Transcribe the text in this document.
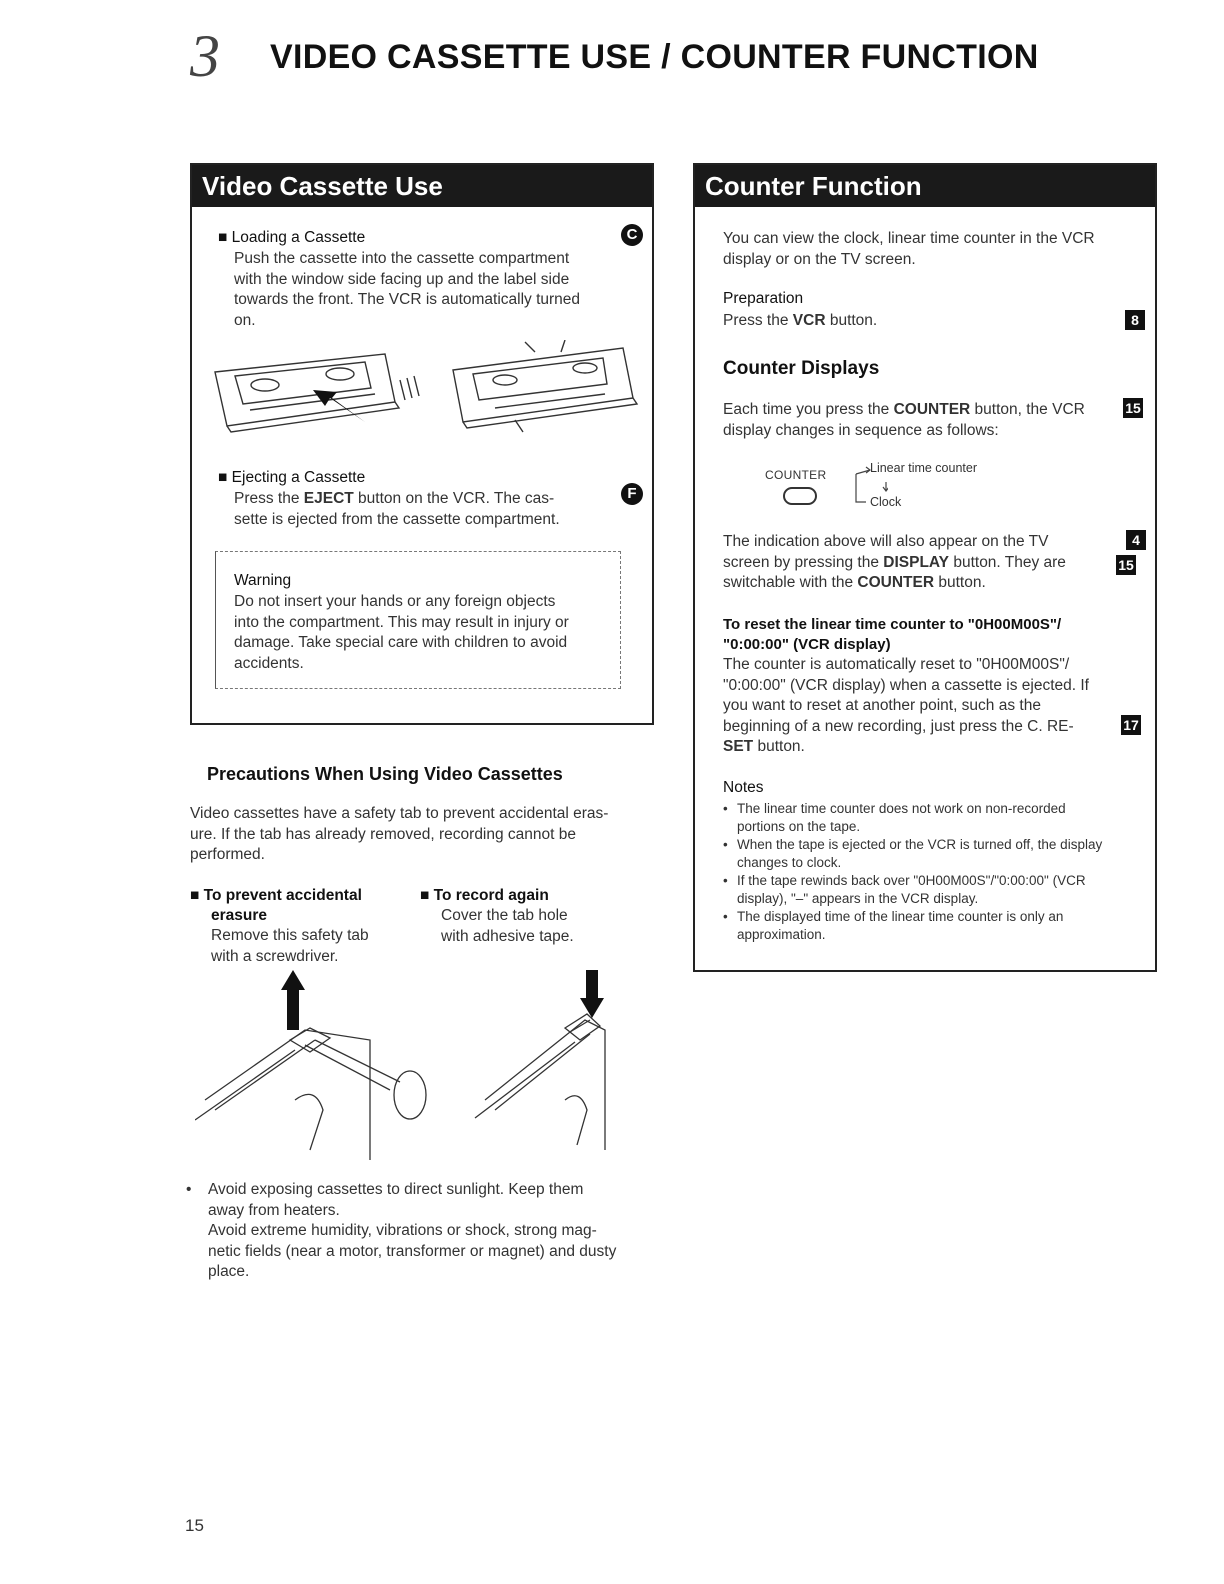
3 VIDEO CASSETTE USE / COUNTER FUNCTION
Video Cassette Use
■ Loading a Cassette	C
Push the cassette into the cassette compartment
with the window side facing up and the label side
towards the front. The VCR is automatically turned
on.
■ Ejecting a Cassette
F
Press the EJECT button on the VCR. The cas-
sette is ejected from the cassette compartment.
Warning
Do not insert your hands or any foreign objects
into the compartment. This may result in injury or
damage. Take special care with children to avoid
accidents.
Precautions When Using Video Cassettes
Video cassettes have a safety tab to prevent accidental eras-
ure. If the tab has already removed, recording cannot be
performed.
■ To prevent accidental
erasure
Remove this safety tab
with a screwdriver.
■ To record again
Cover the tab hole
with adhesive tape.
• Avoid exposing cassettes to direct sunlight. Keep them
away from heaters.
Avoid extreme humidity, vibrations or shock, strong mag-
netic fields (near a motor, transformer or magnet) and dusty
place.
Counter Function
You can view the clock, linear time counter in the VCR
display or on the TV screen.
Preparation
Press the VCR button.	8
Counter Displays
Each time you press the COUNTER button, the VCR
display changes in sequence as follows:
15
COUNTER	Linear time counter
Clock
The indication above will also appear on the TV
screen by pressing the DISPLAY button. They are
switchable with the COUNTER button.
4
15
To reset the linear time counter to "0H00M00S"/
"0:00:00" (VCR display)
The counter is automatically reset to "0H00M00S"/
"0:00:00" (VCR display) when a cassette is ejected. If
you want to reset at another point, such as the
beginning of a new recording, just press the C. RE-
SET button.
17
Notes
• The linear time counter does not work on non-recorded
portions on the tape.
• When the tape is ejected or the VCR is turned off, the display
changes to clock.
• If the tape rewinds back over "0H00M00S"/"0:00:00" (VCR
display), "–" appears in the VCR display.
• The displayed time of the linear time counter is only an
approximation.
15
